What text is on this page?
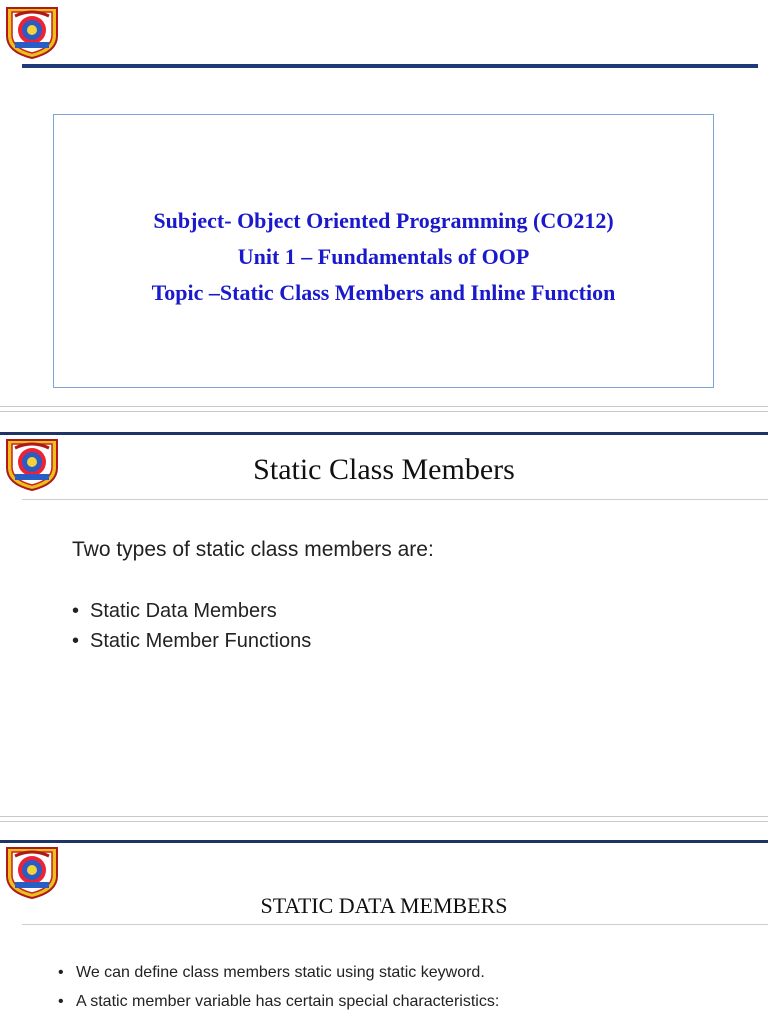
Subject- Object Oriented Programming (CO212)
Unit 1 – Fundamentals of OOP
Topic –Static Class Members and Inline Function
Static Class Members
Two types of static class members are:
• Static Data Members
• Static Member Functions
STATIC DATA MEMBERS
• We can define class members static using static keyword.
• A static member variable has certain special characteristics:
